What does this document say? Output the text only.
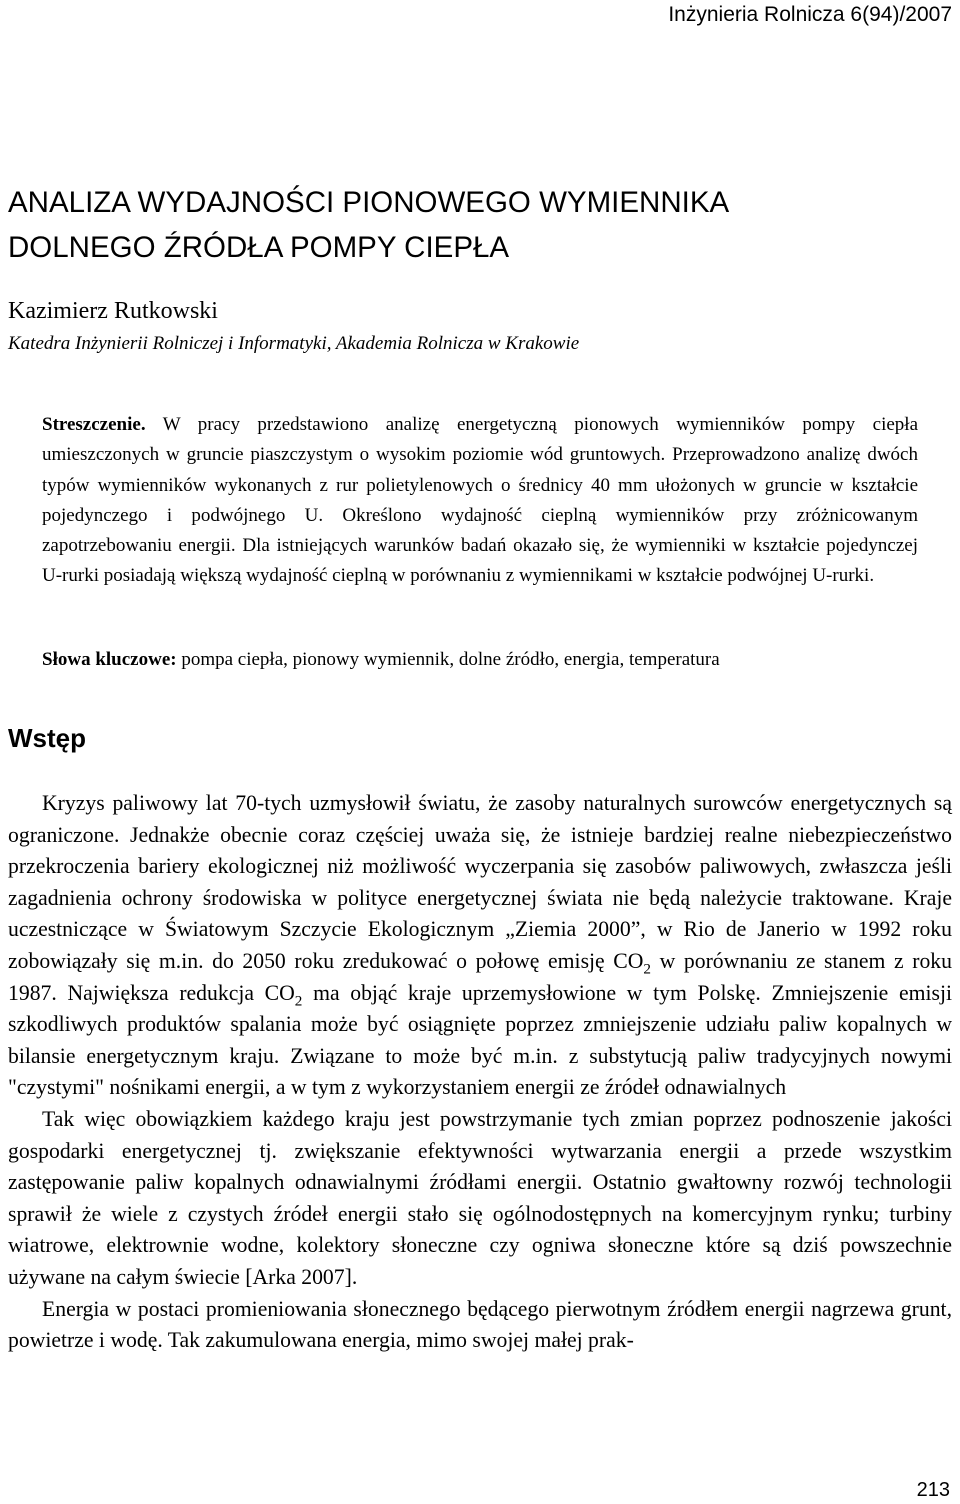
Inżynieria Rolnicza 6(94)/2007
ANALIZA WYDAJNOŚCI PIONOWEGO WYMIENNIKA
DOLNEGO ŹRÓDŁA POMPY CIEPŁA
Kazimierz Rutkowski
Katedra Inżynierii Rolniczej i Informatyki, Akademia Rolnicza w Krakowie

Streszczenie. W pracy przedstawiono analizę energetyczną pionowych wymienników pompy ciepła umieszczonych w gruncie piaszczystym o wysokim poziomie wód gruntowych. Przeprowadzono analizę dwóch typów wymienników wykonanych z rur polietylenowych o średnicy 40 mm ułożonych w gruncie w kształcie pojedynczego i podwójnego U. Określono wydajność cieplną wymienników przy zróżnicowanym zapotrzebowaniu energii. Dla istniejących warunków badań okazało się, że wymienniki w kształcie pojedynczej U-rurki posiadają większą wydajność cieplną w porównaniu z wymiennikami w kształcie podwójnej U-rurki.

Słowa kluczowe: pompa ciepła, pionowy wymiennik, dolne źródło, energia, temperatura
Wstęp

Kryzys paliwowy lat 70-tych uzmysłowił światu, że zasoby naturalnych surowców energetycznych są ograniczone. Jednakże obecnie coraz częściej uważa się, że istnieje bardziej realne niebezpieczeństwo przekroczenia bariery ekologicznej niż możliwość wyczerpania się zasobów paliwowych, zwłaszcza jeśli zagadnienia ochrony środowiska w polityce energetycznej świata nie będą należycie traktowane. Kraje uczestniczące w Światowym Szczycie Ekologicznym „Ziemia 2000”, w Rio de Janerio w 1992 roku zobowiązały się m.in. do 2050 roku zredukować o połowę emisję $CO_2$ w porównaniu ze stanem z roku 1987. Największa redukcja $CO_2$ ma objąć kraje uprzemysłowione w tym Polskę. Zmniejszenie emisji szkodliwych produktów spalania może być osiągnięte poprzez zmniejszenie udziału paliw kopalnych w bilansie energetycznym kraju. Związane to może być m.in. z substytucją paliw tradycyjnych nowymi "czystymi" nośnikami energii, a w tym z wykorzystaniem energii ze źródeł odnawialnych

Tak więc obowiązkiem każdego kraju jest powstrzymanie tych zmian poprzez podnoszenie jakości gospodarki energetycznej tj. zwiększanie efektywności wytwarzania energii a przede wszystkim zastępowanie paliw kopalnych odnawialnymi źródłami energii. Ostatnio gwałtowny rozwój technologii sprawił że wiele z czystych źródeł energii stało się ogólnodostępnych na komercyjnym rynku; turbiny wiatrowe, elektrownie wodne, kolektory słoneczne czy ogniwa słoneczne które są dziś powszechnie używane na całym świecie [Arka 2007].

Energia w postaci promieniowania słonecznego będącego pierwotnym źródłem energii nagrzewa grunt, powietrze i wodę. Tak zakumulowana energia, mimo swojej małej prak-

213
